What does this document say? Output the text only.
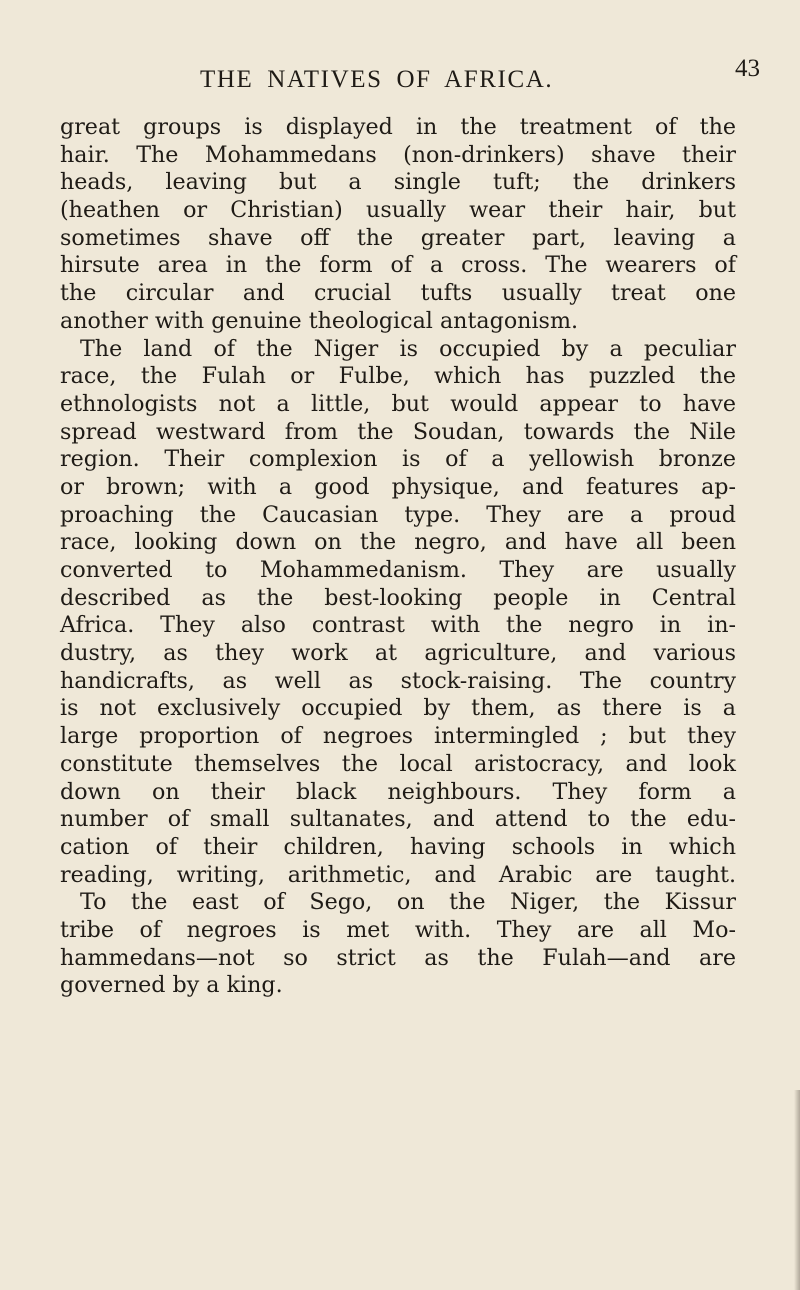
THE NATIVES OF AFRICA.	43
great groups is displayed in the treatment of the
hair. The Mohammedans (non-drinkers) shave their
heads, leaving but a single tuft; the drinkers
(heathen or Christian) usually wear their hair, but
sometimes shave off the greater part, leaving a
hirsute area in the form of a cross. The wearers of
the circular and crucial tufts usually treat one
another with genuine theological antagonism.
The land of the Niger is occupied by a peculiar
race, the Fulah or Fulbe, which has puzzled the
ethnologists not a little, but would appear to have
spread westward from the Soudan, towards the Nile
region. Their complexion is of a yellowish bronze
or brown; with a good physique, and features ap-
proaching the Caucasian type. They are a proud
race, looking down on the negro, and have all been
converted to Mohammedanism. They are usually
described as the best-looking people in Central
Africa. They also contrast with the negro in in-
dustry, as they work at agriculture, and various
handicrafts, as well as stock-raising. The country
is not exclusively occupied by them, as there is a
large proportion of negroes intermingled ; but they
constitute themselves the local aristocracy, and look
down on their black neighbours. They form a
number of small sultanates, and attend to the edu-
cation of their children, having schools in which
reading, writing, arithmetic, and Arabic are taught.
To the east of Sego, on the Niger, the Kissur
tribe of negroes is met with. They are all Mo-
hammedans—not so strict as the Fulah—and are
governed by a king.
